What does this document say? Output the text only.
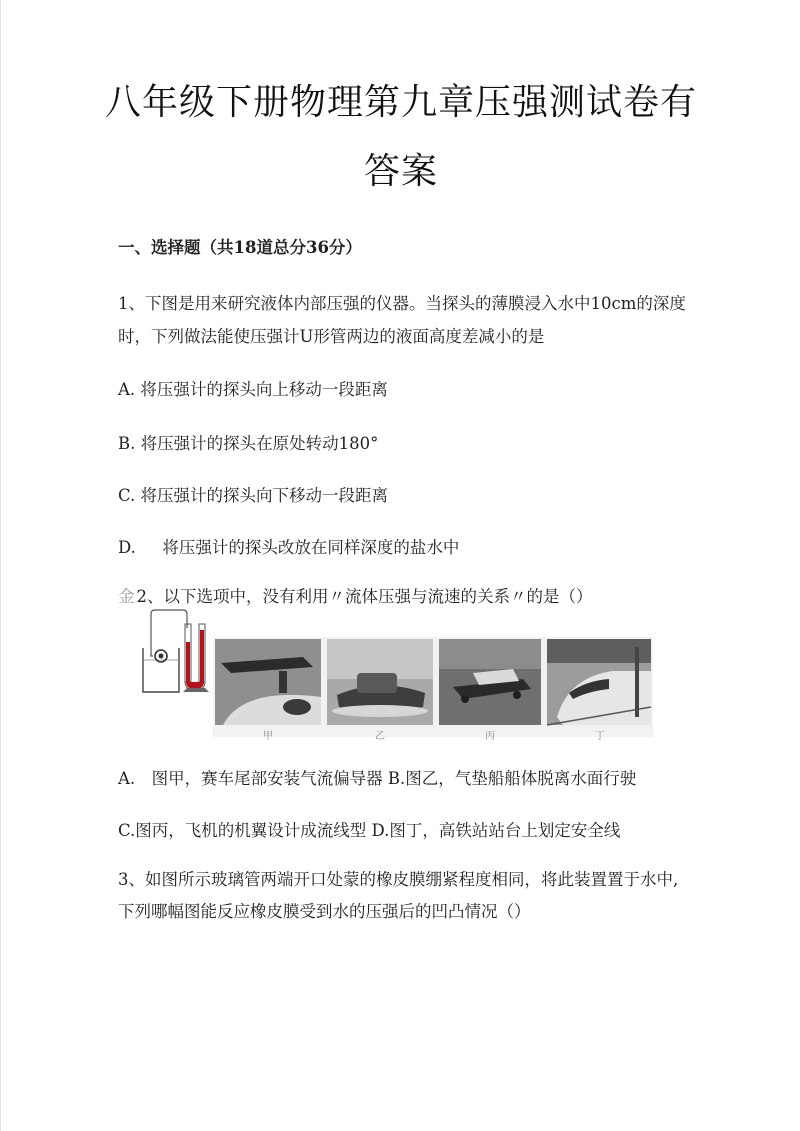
八年级下册物理第九章压强测试卷有
答案
一、选择题（共18道总分36分）
1、下图是用来研究液体内部压强的仪器。当探头的薄膜浸入水中10cm的深度
时，下列做法能使压强计U形管两边的液面高度差减小的是
A. 将压强计的探头向上移动一段距离
B. 将压强计的探头在原处转动180°
C. 将压强计的探头向下移动一段距离
D. 将压强计的探头改放在同样深度的盐水中
金 2、以下选项中，没有利用〃流体压强与流速的关系〃的是（）
甲	乙	丙	丁
A.　图甲，赛车尾部安装气流偏导器 B.图乙，气垫船船体脱离水面行驶
C.图丙，飞机的机翼设计成流线型 D.图丁，高铁站站台上划定安全线
3、如图所示玻璃管两端开口处蒙的橡皮膜绷紧程度相同，将此装置置于水中,
下列哪幅图能反应橡皮膜受到水的压强后的凹凸情况（）
